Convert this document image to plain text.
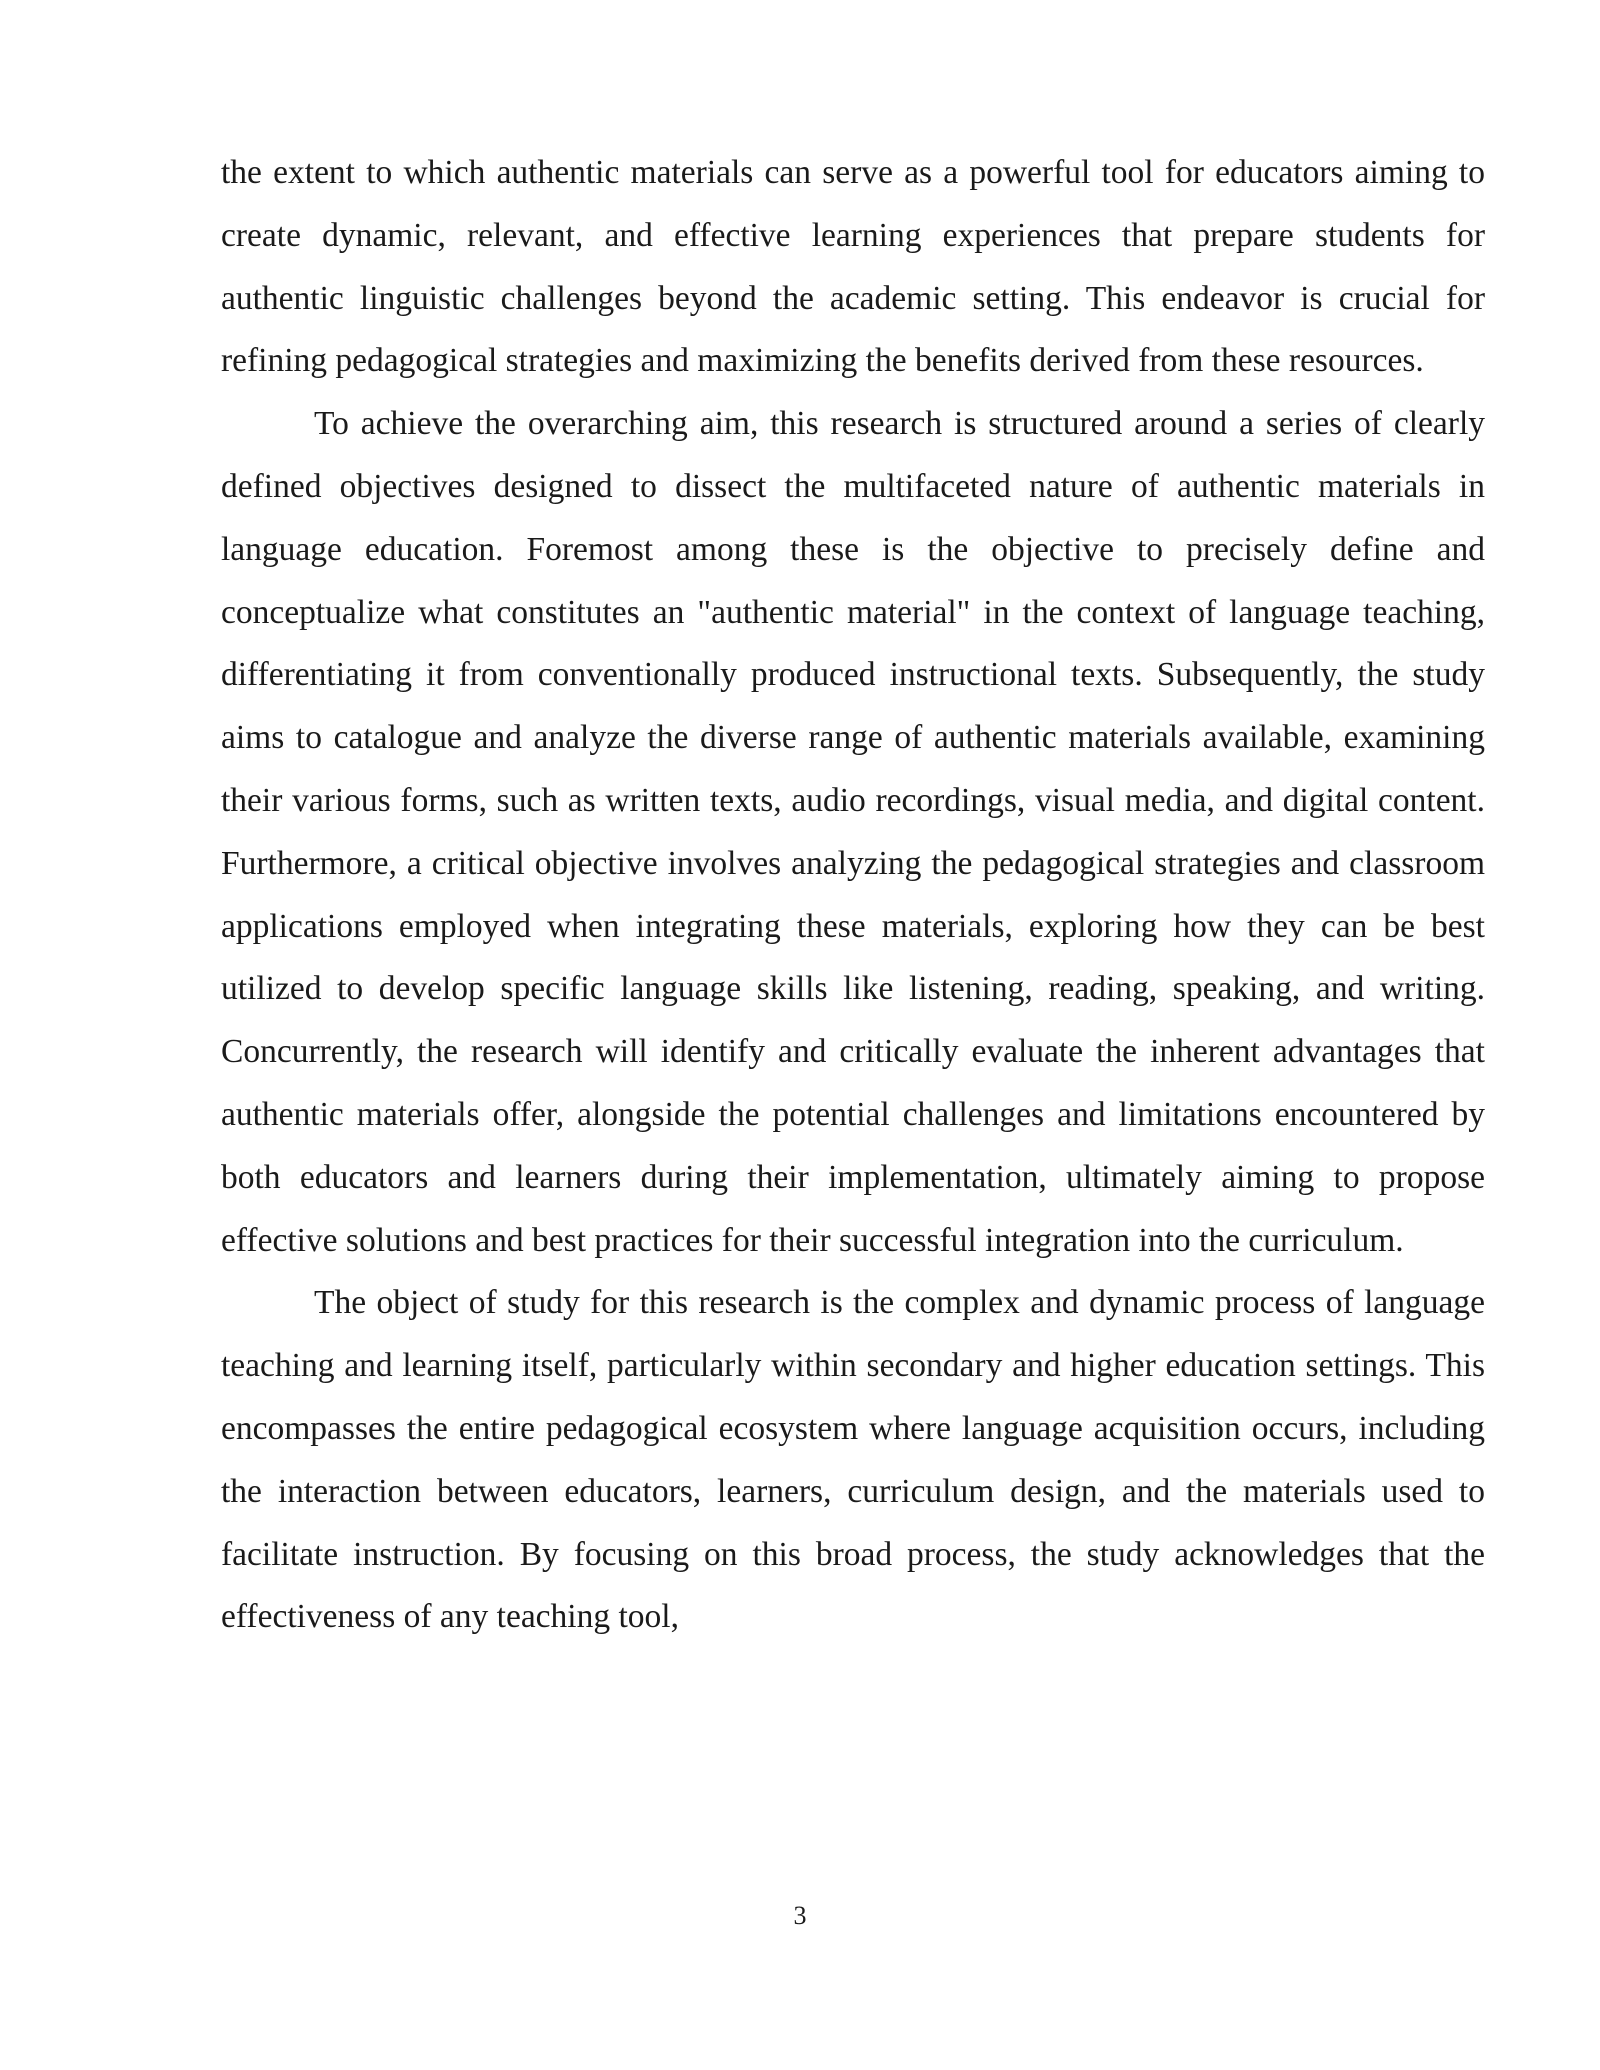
the extent to which authentic materials can serve as a powerful tool for educators aiming to create dynamic, relevant, and effective learning experiences that prepare students for authentic linguistic challenges beyond the academic setting. This endeavor is crucial for refining pedagogical strategies and maximizing the benefits derived from these resources.

To achieve the overarching aim, this research is structured around a series of clearly defined objectives designed to dissect the multifaceted nature of authentic materials in language education. Foremost among these is the objective to precisely define and conceptualize what constitutes an "authentic material" in the context of language teaching, differentiating it from conventionally produced instructional texts. Subsequently, the study aims to catalogue and analyze the diverse range of authentic materials available, examining their various forms, such as written texts, audio recordings, visual media, and digital content. Furthermore, a critical objective involves analyzing the pedagogical strategies and classroom applications employed when integrating these materials, exploring how they can be best utilized to develop specific language skills like listening, reading, speaking, and writing. Concurrently, the research will identify and critically evaluate the inherent advantages that authentic materials offer, alongside the potential challenges and limitations encountered by both educators and learners during their implementation, ultimately aiming to propose effective solutions and best practices for their successful integration into the curriculum.

The object of study for this research is the complex and dynamic process of language teaching and learning itself, particularly within secondary and higher education settings. This encompasses the entire pedagogical ecosystem where language acquisition occurs, including the interaction between educators, learners, curriculum design, and the materials used to facilitate instruction. By focusing on this broad process, the study acknowledges that the effectiveness of any teaching tool,

3
